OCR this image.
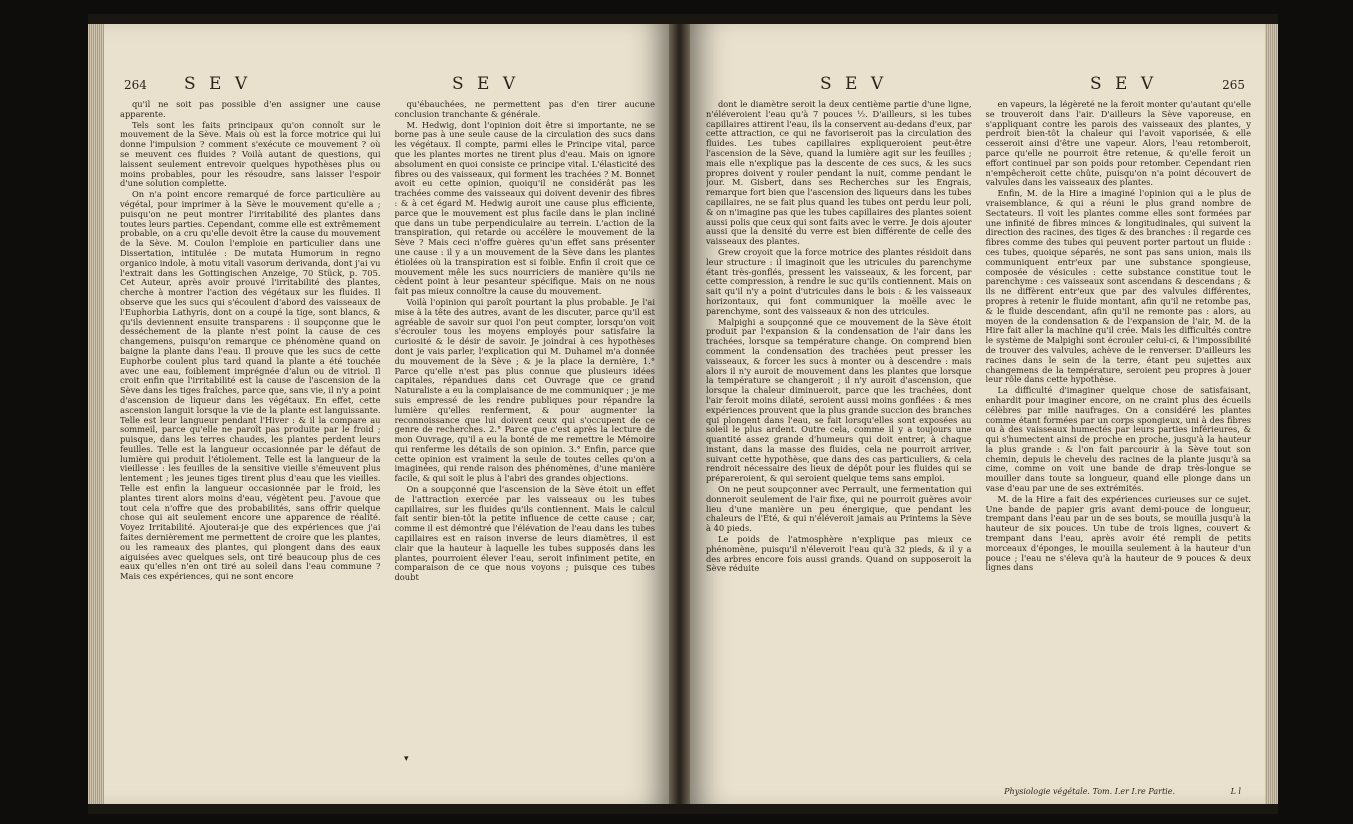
264 S E V	S E V

qu'il ne soit pas possible d'en assigner une cause apparente.

Tels sont les faits principaux qu'on connoît sur le mouvement de la Sève. Mais où est la force motrice qui lui donne l'impulsion ? comment s'exécute ce mouvement ? où se meuvent ces fluides ? Voilà autant de questions, qui laissent seulement entrevoir quelques hypothèses plus ou moins probables, pour les résoudre, sans laisser l'espoir d'une solution complette.

On n'a point encore remarqué de force particulière au végétal, pour imprimer à la Sève le mouvement qu'elle a ; puisqu'on ne peut montrer l'irritabilité des plantes dans toutes leurs parties. Cependant, comme elle est extrêmement probable, on a cru qu'elle devoit être la cause du mouvement de la Sève. M. Coulon l'emploie en particulier dans une Dissertation, intitulée : De mutata Humorum in regno organico indole, à motu vitali vasorum derivanda, dont j'ai vu l'extrait dans les Gottingischen Anzeige, 70 Stück, p. 705. Cet Auteur, après avoir prouvé l'irritabilité des plantes, cherche à montrer l'action des végétaux sur les fluides. Il observe que les sucs qui s'écoulent d'abord des vaisseaux de l'Euphorbia Lathyris, dont on a coupé la tige, sont blancs, & qu'ils deviennent ensuite transparens : il soupçonne que le desséchement de la plante n'est point la cause de ces changemens, puisqu'on remarque ce phénomène quand on baigne la plante dans l'eau. Il prouve que les sucs de cette Euphorbe coulent plus tard quand la plante a été touchée avec une eau, foiblement imprégnée d'alun ou de vitriol. Il croit enfin que l'irritabilité est la cause de l'ascension de la Sève dans les tiges fraîches, parce que, sans vie, il n'y a point d'ascension de liqueur dans les végétaux. En effet, cette ascension languit lorsque la vie de la plante est languissante. Telle est leur langueur pendant l'Hiver : & il la compare au sommeil, parce qu'elle ne paroît pas produite par le froid ; puisque, dans les terres chaudes, les plantes perdent leurs feuilles. Telle est la langueur occasionnée par le défaut de lumière qui produit l'étiolement. Telle est la langueur de la vieillesse : les feuilles de la sensitive vieille s'émeuvent plus lentement ; les jeunes tiges tirent plus d'eau que les vieilles. Telle est enfin la langueur occasionnée par le froid, les plantes tirent alors moins d'eau, végètent peu. J'avoue que tout cela n'offre que des probabilités, sans offrir quelque chose qui ait seulement encore une apparence de réalité. Voyez Irritabilité. Ajouterai-je que des expériences que j'ai faites dernièrement me permettent de croire que les plantes, ou les rameaux des plantes, qui plongent dans des eaux aiguisées avec quelques sels, ont tiré beaucoup plus de ces eaux qu'elles n'en ont tiré au soleil dans l'eau commune ? Mais ces expériences, qui ne sont encore

qu'ébauchées, ne permettent pas d'en tirer aucune conclusion tranchante & générale.

M. Hedwig, dont l'opinion doit être si importante, ne se borne pas à une seule cause de la circulation des sucs dans les végétaux. Il compte, parmi elles le Principe vital, parce que les plantes mortes ne tirent plus d'eau. Mais on ignore absolument en quoi consiste ce principe vital. L'élasticité des fibres ou des vaisseaux, qui forment les trachées ? M. Bonnet avoit eu cette opinion, quoiqu'il ne considérât pas les trachées comme des vaisseaux qui doivent devenir des fibres : & à cet égard M. Hedwig auroit une cause plus efficiente, parce que le mouvement est plus facile dans le plan incliné que dans un tube perpendiculaire au terrein. L'action de la transpiration, qui retarde ou accélère le mouvement de la Sève ? Mais ceci n'offre guères qu'un effet sans présenter une cause : il y a un mouvement de la Sève dans les plantes étiolées où la transpiration est si foible. Enfin il croit que ce mouvement mêle les sucs nourriciers de manière qu'ils ne cèdent point à leur pesanteur spécifique. Mais on ne nous fait pas mieux connoître la cause du mouvement.

Voilà l'opinion qui paroît pourtant la plus probable. Je l'ai mise à la tête des autres, avant de les discuter, parce qu'il est agréable de savoir sur quoi l'on peut compter, lorsqu'on voit s'écrouler tous les moyens employés pour satisfaire la curiosité & le désir de savoir. Je joindrai à ces hypothèses dont je vais parler, l'explication qui M. Duhamel m'a donnée du mouvement de la Sève ; & je la place la dernière, 1.° Parce qu'elle n'est pas plus connue que plusieurs idées capitales, répandues dans cet Ouvrage que ce grand Naturaliste a eu la complaisance de me communiquer ; je me suis empressé de les rendre publiques pour répandre la lumière qu'elles renferment, & pour augmenter la reconnoissance que lui doivent ceux qui s'occupent de ce genre de recherches. 2.° Parce que c'est après la lecture de mon Ouvrage, qu'il a eu la bonté de me remettre le Mémoire qui renferme les détails de son opinion. 3.° Enfin, parce que cette opinion est vraiment la seule de toutes celles qu'on a imaginées, qui rende raison des phénomènes, d'une manière facile, & qui soit le plus à l'abri des grandes objections.

On a soupçonné que l'ascension de la Sève étoit un effet de l'attraction exercée par les vaisseaux ou les tubes capillaires, sur les fluides qu'ils contiennent. Mais le calcul fait sentir bien-tôt la petite influence de cette cause ; car, comme il est démontré que l'élévation de l'eau dans les tubes capillaires est en raison inverse de leurs diamètres, il est clair que la hauteur à laquelle les tubes supposés dans les plantes, pourroient élever l'eau, seroit infiniment petite, en comparaison de ce que nous voyons ; puisque ces tubes doubt

▾
S E V	S E V	265

dont le diamètre seroit la deux centième partie d'une ligne, n'éléveroient l'eau qu'à 7 pouces ½. D'ailleurs, si les tubes capillaires attirent l'eau, ils la conservent au-dedans d'eux, par cette attraction, ce qui ne favoriseroit pas la circulation des fluides. Les tubes capillaires expliqueroient peut-être l'ascension de la Sève, quand la lumière agit sur les feuilles ; mais elle n'explique pas la descente de ces sucs, & les sucs propres doivent y rouler pendant la nuit, comme pendant le jour. M. Gisbert, dans ses Recherches sur les Engrais, remarque fort bien que l'ascension des liqueurs dans les tubes capillaires, ne se fait plus quand les tubes ont perdu leur poli, & on n'imagine pas que les tubes capillaires des plantes soient aussi polis que ceux qui sont faits avec le verre. Je dois ajouter aussi que la densité du verre est bien différente de celle des vaisseaux des plantes.

Grew croyoit que la force motrice des plantes résidoit dans leur structure : il imaginoit que les utricules du parenchyme étant très-gonflés, pressent les vaisseaux, & les forcent, par cette compression, à rendre le suc qu'ils contiennent. Mais on sait qu'il n'y a point d'utricules dans le bois : & les vaisseaux horizontaux, qui font communiquer la moëlle avec le parenchyme, sont des vaisseaux & non des utricules.

Malpighi a soupçonné que ce mouvement de la Sève étoit produit par l'expansion & la condensation de l'air dans les trachées, lorsque sa température change. On comprend bien comment la condensation des trachées peut presser les vaisseaux, & forcer les sucs à monter ou à descendre : mais alors il n'y auroit de mouvement dans les plantes que lorsque la température se changeroit ; il n'y auroit d'ascension, que lorsque la chaleur diminueroit, parce que les trachées, dont l'air feroit moins dilaté, seroient aussi moins gonflées : & mes expériences prouvent que la plus grande succion des branches qui plongent dans l'eau, se fait lorsqu'elles sont exposées au soleil le plus ardent. Outre cela, comme il y a toujours une quantité assez grande d'humeurs qui doit entrer, à chaque instant, dans la masse des fluides, cela ne pourroit arriver, suivant cette hypothèse, que dans des cas particuliers, & cela rendroit nécessaire des lieux de dépôt pour les fluides qui se prépareroient, & qui seroient quelque tems sans emploi.

On ne peut soupçonner avec Perrault, une fermentation qui donneroit seulement de l'air fixe, qui ne pourroit guères avoir lieu d'une manière un peu énergique, que pendant les chaleurs de l'Été, & qui n'éléveroit jamais au Printems la Sève à 40 pieds.

Le poids de l'atmosphère n'explique pas mieux ce phénomène, puisqu'il n'éleveroit l'eau qu'à 32 pieds, & il y a des arbres encore fois aussi grands. Quand on supposeroit la Sève réduite

en vapeurs, la légèreté ne la feroit monter qu'autant qu'elle se trouveroit dans l'air. D'ailleurs la Sève vaporeuse, en s'appliquant contre les parois des vaisseaux des plantes, y perdroit bien-tôt la chaleur qui l'avoit vaporisée, & elle cesseroit ainsi d'être une vapeur. Alors, l'eau retomberoit, parce qu'elle ne pourroit être retenue, & qu'elle feroit un effort continuel par son poids pour retomber. Cependant rien n'empêcheroit cette chûte, puisqu'on n'a point découvert de valvules dans les vaisseaux des plantes.

Enfin, M. de la Hire a imaginé l'opinion qui a le plus de vraisemblance, & qui a réuni le plus grand nombre de Sectateurs. Il voit les plantes comme elles sont formées par une infinité de fibres minces & longitudinales, qui suivent la direction des racines, des tiges & des branches : il regarde ces fibres comme des tubes qui peuvent porter partout un fluide : ces tubes, quoique séparés, ne sont pas sans union, mais ils communiquent entr'eux par une substance spongieuse, composée de vésicules : cette substance constitue tout le parenchyme : ces vaisseaux sont ascendans & descendans ; & ils ne diffèrent entr'eux que par des valvules différentes, propres à retenir le fluide montant, afin qu'il ne retombe pas, & le fluide descendant, afin qu'il ne remonte pas : alors, au moyen de la condensation & de l'expansion de l'air, M. de la Hire fait aller la machine qu'il crée. Mais les difficultés contre le système de Malpighi sont écrouler celui-ci, & l'impossibilité de trouver des valvules, achève de le renverser. D'ailleurs les racines dans le sein de la terre, étant peu sujettes aux changemens de la température, seroient peu propres à jouer leur rôle dans cette hypothèse.

La difficulté d'imaginer quelque chose de satisfaisant, enhardit pour imaginer encore, on ne craint plus des écueils célèbres par mille naufrages. On a considéré les plantes comme étant formées par un corps spongieux, uni à des fibres ou à des vaisseaux humectés par leurs parties inférieures, & qui s'humectent ainsi de proche en proche, jusqu'à la hauteur la plus grande : & l'on fait parcourir à la Sève tout son chemin, depuis le chevelu des racines de la plante jusqu'à sa cime, comme on voit une bande de drap très-longue se mouiller dans toute sa longueur, quand elle plonge dans un vase d'eau par une de ses extrémités.

M. de la Hire a fait des expériences curieuses sur ce sujet. Une bande de papier gris avant demi-pouce de longueur, trempant dans l'eau par un de ses bouts, se mouilla jusqu'à la hauteur de six pouces. Un tube de trois lignes, couvert & trempant dans l'eau, après avoir été rempli de petits morceaux d'éponges, le mouilla seulement à la hauteur d'un pouce ; l'eau ne s'éleva qu'à la hauteur de 9 pouces & deux lignes dans

Physiologie végétale. Tom. I.er I.re Partie.	L l
